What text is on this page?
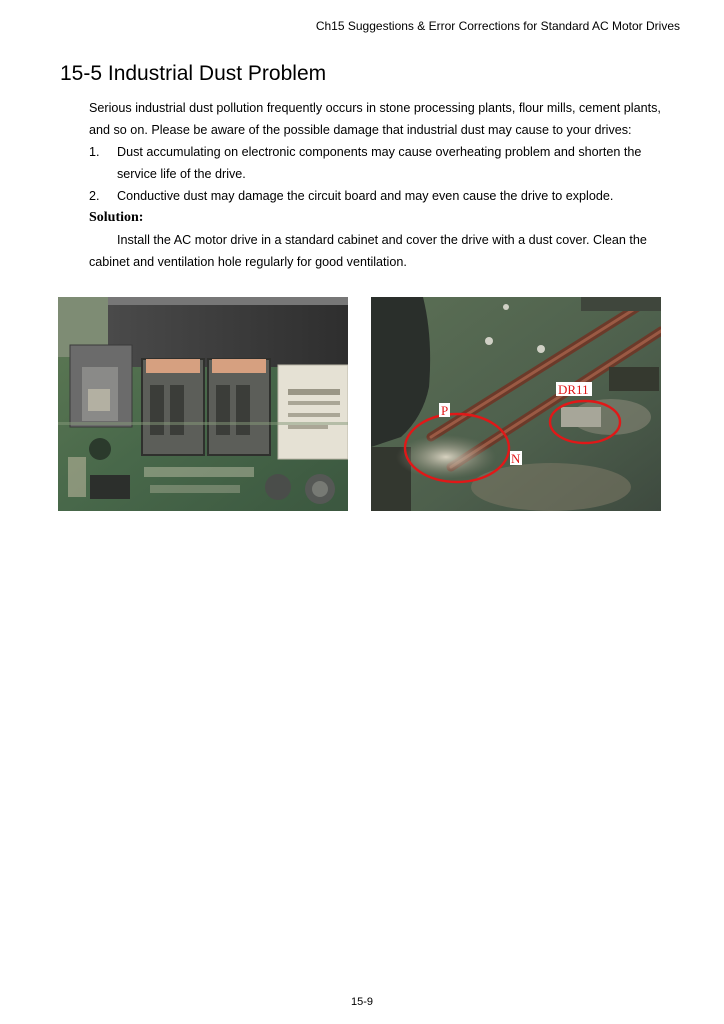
Ch15 Suggestions & Error Corrections for Standard AC Motor Drives
15-5 Industrial Dust Problem

Serious industrial dust pollution frequently occurs in stone processing plants, flour mills, cement plants, and so on. Please be aware of the possible damage that industrial dust may cause to your drives:

1. Dust accumulating on electronic components may cause overheating problem and shorten the service life of the drive.
2. Conductive dust may damage the circuit board and may even cause the drive to explode.
Solution:

Install the AC motor drive in a standard cabinet and cover the drive with a dust cover. Clean the cabinet and ventilation hole regularly for good ventilation.

P
N
DR11
15-9
